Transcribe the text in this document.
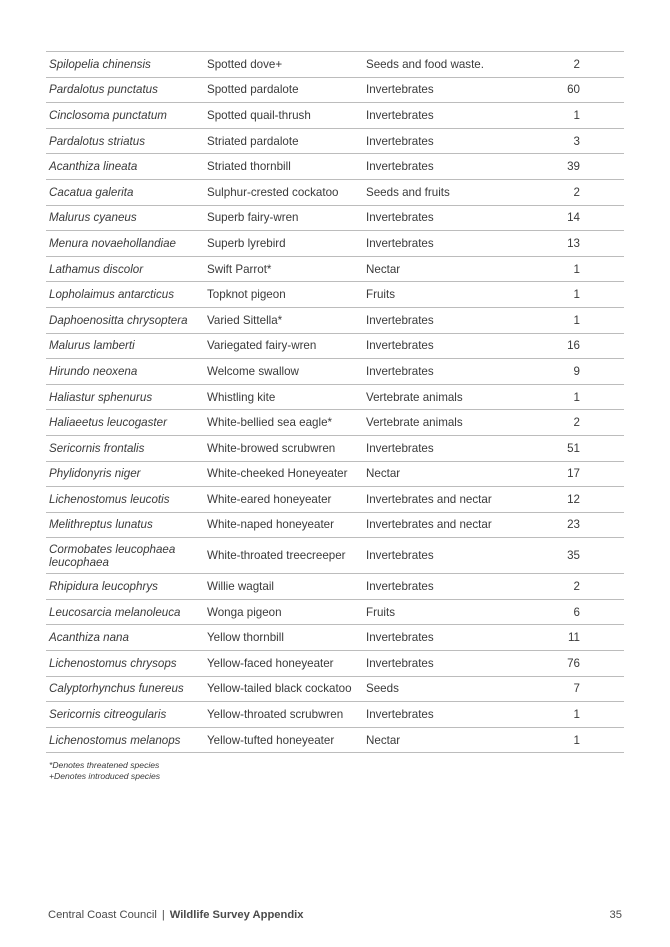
Spilopelia chinensis	Spotted dove+	Seeds and food waste.	2
Pardalotus punctatus	Spotted pardalote	Invertebrates	60
Cinclosoma punctatum	Spotted quail-thrush	Invertebrates	1
Pardalotus striatus	Striated pardalote	Invertebrates	3
Acanthiza lineata	Striated thornbill	Invertebrates	39
Cacatua galerita	Sulphur-crested cockatoo	Seeds and fruits	2
Malurus cyaneus	Superb fairy-wren	Invertebrates	14
Menura novaehollandiae	Superb lyrebird	Invertebrates	13
Lathamus discolor	Swift Parrot*	Nectar	1
Lopholaimus antarcticus	Topknot pigeon	Fruits	1
Daphoenositta chrysoptera	Varied Sittella*	Invertebrates	1
Malurus lamberti	Variegated fairy-wren	Invertebrates	16
Hirundo neoxena	Welcome swallow	Invertebrates	9
Haliastur sphenurus	Whistling kite	Vertebrate animals	1
Haliaeetus leucogaster	White-bellied sea eagle*	Vertebrate animals	2
Sericornis frontalis	White-browed scrubwren	Invertebrates	51
Phylidonyris niger	White-cheeked Honeyeater	Nectar	17
Lichenostomus leucotis	White-eared honeyeater	Invertebrates and nectar	12
Melithreptus lunatus	White-naped honeyeater	Invertebrates and nectar	23
Cormobates leucophaea leucophaea	White-throated treecreeper	Invertebrates	35
Rhipidura leucophrys	Willie wagtail	Invertebrates	2
Leucosarcia melanoleuca	Wonga pigeon	Fruits	6
Acanthiza nana	Yellow thornbill	Invertebrates	11
Lichenostomus chrysops	Yellow-faced honeyeater	Invertebrates	76
Calyptorhynchus funereus	Yellow-tailed black cockatoo	Seeds	7
Sericornis citreogularis	Yellow-throated scrubwren	Invertebrates	1
Lichenostomus melanops	Yellow-tufted honeyeater	Nectar	1
*Denotes threatened species
+Denotes introduced species
Central Coast Council | Wildlife Survey Appendix	35
